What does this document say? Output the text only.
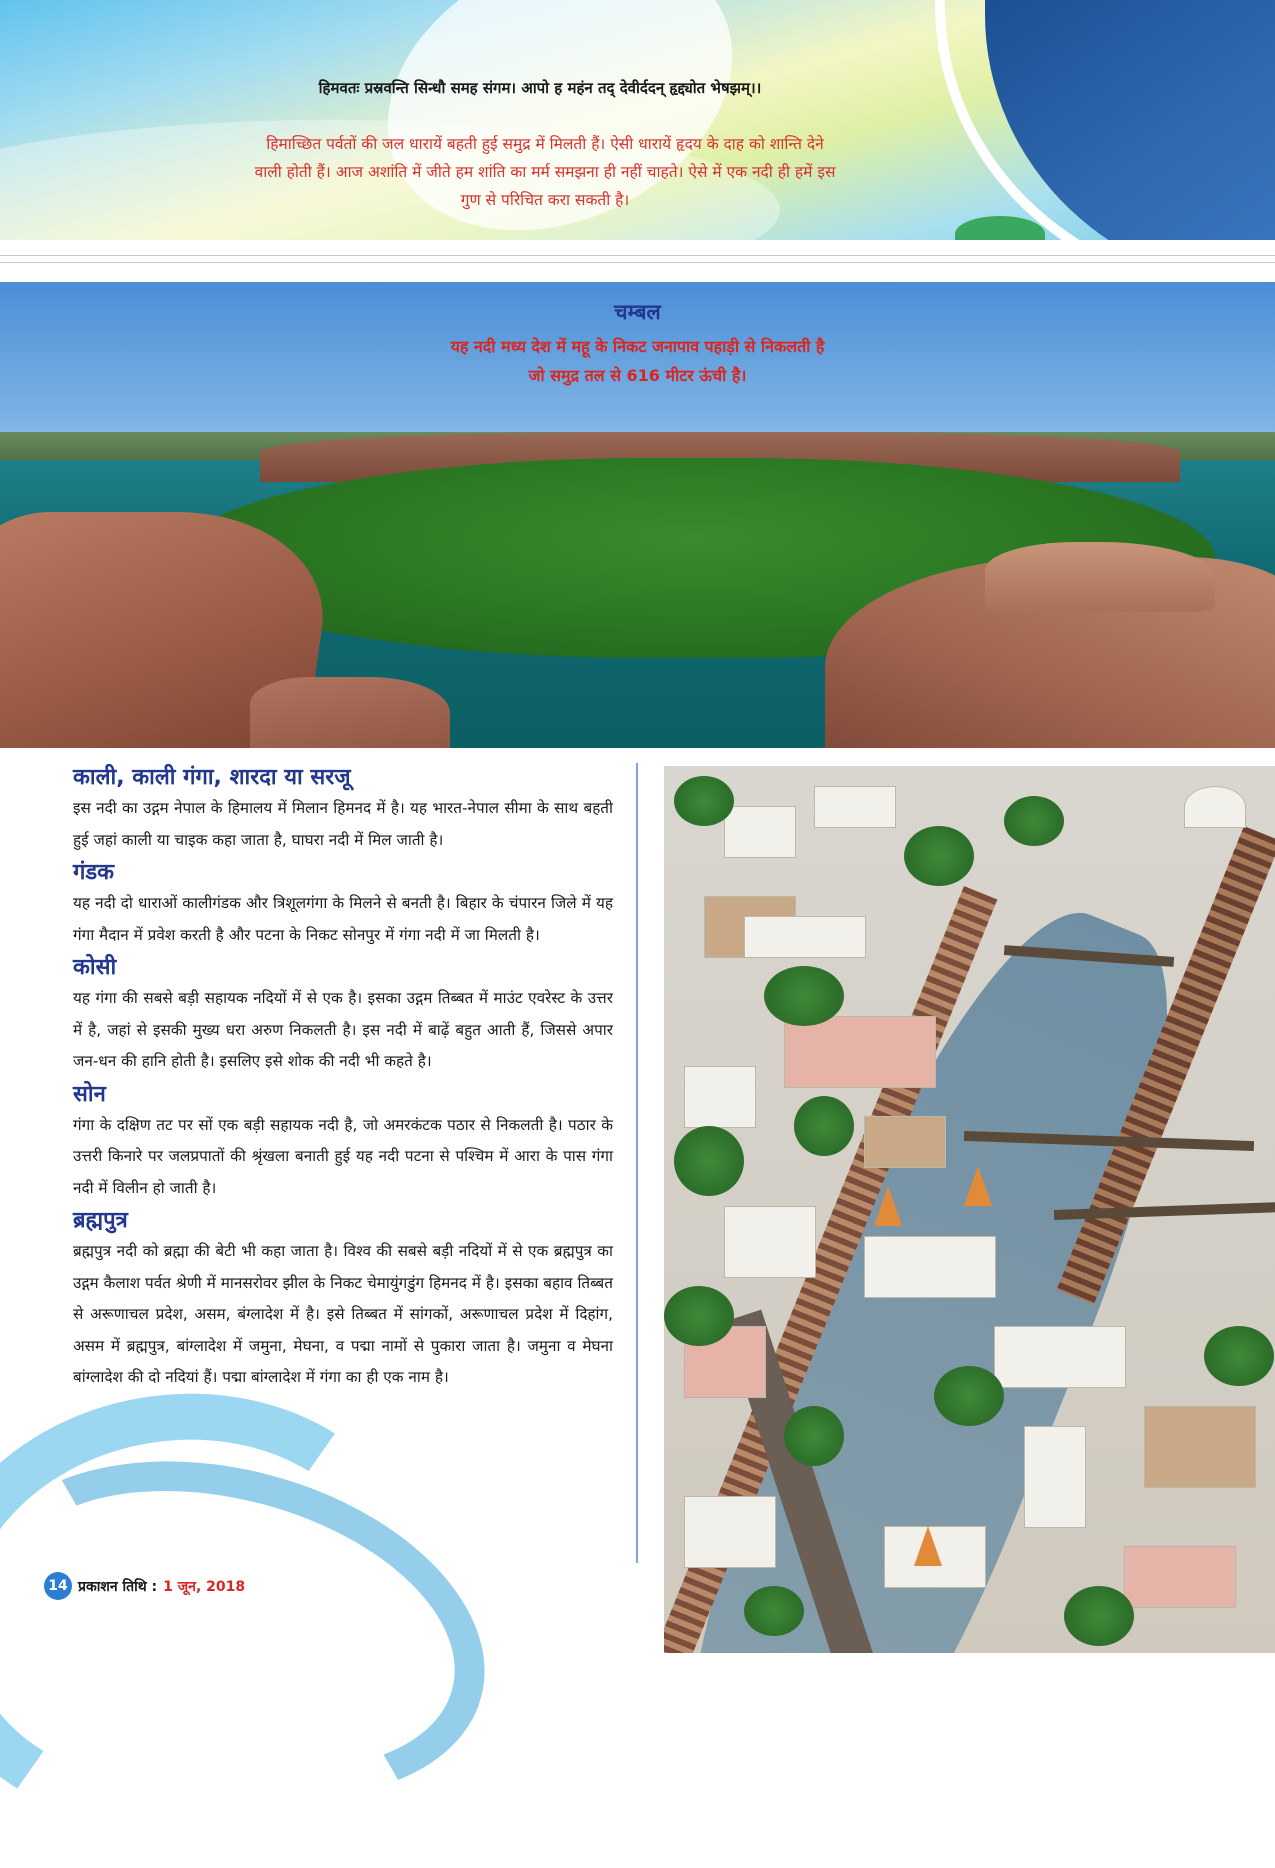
हिमवतः प्रस्रवन्ति सिन्धौ समह संगम। आपो ह महंन तद् देवीर्ददन् हृद्द्योत भेषझम्।।
हिमाच्छित पर्वतों की जल धारायें बहती हुई समुद्र में मिलती हैं। ऐसी धारायें हृदय के दाह को शान्ति देने
वाली होती हैं। आज अशांति में जीते हम शांति का मर्म समझना ही नहीं चाहते। ऐसे में एक नदी ही हमें इस
गुण से परिचित करा सकती है।
चम्बल
यह नदी मध्य देश में महू के निकट जनापाव पहाड़ी से निकलती है
जो समुद्र तल से 616 मीटर ऊंची है।
काली, काली गंगा, शारदा या सरजू

इस नदी का उद्गम नेपाल के हिमालय में मिलान हिमनद में है। यह भारत-नेपाल सीमा के साथ बहती हुई जहां काली या चाइक कहा जाता है, घाघरा नदी में मिल जाती है।

गंडक

यह नदी दो धाराओं कालीगंडक और त्रिशूलगंगा के मिलने से बनती है। बिहार के चंपारन जिले में यह गंगा मैदान में प्रवेश करती है और पटना के निकट सोनपुर में गंगा नदी में जा मिलती है।

कोसी

यह गंगा की सबसे बड़ी सहायक नदियों में से एक है। इसका उद्गम तिब्बत में माउंट एवरेस्ट के उत्तर में है, जहां से इसकी मुख्य धरा अरुण निकलती है। इस नदी में बाढ़ें बहुत आती हैं, जिससे अपार जन-धन की हानि होती है। इसलिए इसे शोक की नदी भी कहते है।

सोन

गंगा के दक्षिण तट पर सों एक बड़ी सहायक नदी है, जो अमरकंटक पठार से निकलती है। पठार के उत्तरी किनारे पर जलप्रपातों की श्रृंखला बनाती हुई यह नदी पटना से पश्चिम में आरा के पास गंगा नदी में विलीन हो जाती है।

ब्रह्मपुत्र

ब्रह्मपुत्र नदी को ब्रह्मा की बेटी भी कहा जाता है। विश्व की सबसे बड़ी नदियों में से एक ब्रह्मपुत्र का उद्गम कैलाश पर्वत श्रेणी में मानसरोवर झील के निकट चेमायुंगडुंग हिमनद में है। इसका बहाव तिब्बत से अरूणाचल प्रदेश, असम, बंग्लादेश में है। इसे तिब्बत में सांगकों, अरूणाचल प्रदेश में दिहांग, असम में ब्रह्मपुत्र, बांग्लादेश में जमुना, मेघना, व पद्मा नामों से पुकारा जाता है। जमुना व मेघना बांग्लादेश की दो नदियां हैं। पद्मा बांग्लादेश में गंगा का ही एक नाम है।

14 प्रकाशन तिथि : 1 जून, 2018
